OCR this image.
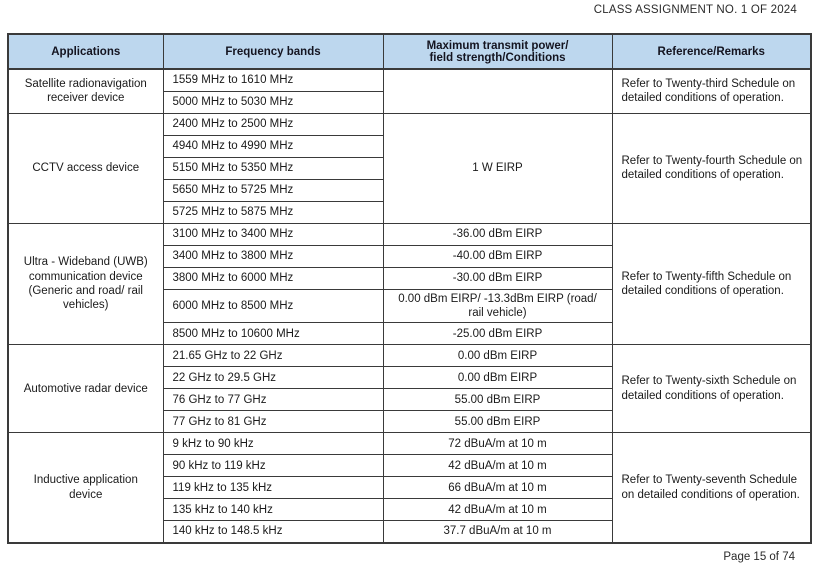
CLASS ASSIGNMENT NO. 1 OF 2024
Applications	Frequency bands	Maximum transmit power/
field strength/Conditions	Reference/Remarks
Satellite radionavigation receiver device	1559 MHz to 1610 MHz		Refer to Twenty-third Schedule on detailed conditions of operation.
	5000 MHz to 5030 MHz		
CCTV access device	2400 MHz to 2500 MHz	1 W EIRP	Refer to Twenty-fourth Schedule on detailed conditions of operation.
	4940 MHz to 4990 MHz		
	5150 MHz to 5350 MHz		
	5650 MHz to 5725 MHz		
	5725 MHz to 5875 MHz		
Ultra - Wideband (UWB) communication device (Generic and road/ rail vehicles)	3100 MHz to 3400 MHz	-36.00 dBm EIRP	Refer to Twenty-fifth Schedule on detailed conditions of operation.
	3400 MHz to 3800 MHz	-40.00 dBm EIRP	
	3800 MHz to 6000 MHz	-30.00 dBm EIRP	
	6000 MHz to 8500 MHz	0.00 dBm EIRP/ -13.3dBm EIRP (road/ rail vehicle)	
	8500 MHz to 10600 MHz	-25.00 dBm EIRP	
Automotive radar device	21.65 GHz to 22 GHz	0.00 dBm EIRP	Refer to Twenty-sixth Schedule on detailed conditions of operation.
	22 GHz to 29.5 GHz	0.00 dBm EIRP	
	76 GHz to 77 GHz	55.00 dBm EIRP	
	77 GHz to 81 GHz	55.00 dBm EIRP	
Inductive application device	9 kHz to 90 kHz	72 dBuA/m at 10 m	Refer to Twenty-seventh Schedule on detailed conditions of operation.
	90 kHz to 119 kHz	42 dBuA/m at 10 m	
	119 kHz to 135 kHz	66 dBuA/m at 10 m	
	135 kHz to 140 kHz	42 dBuA/m at 10 m	
	140 kHz to 148.5 kHz	37.7 dBuA/m at 10 m	
Page 15 of 74
